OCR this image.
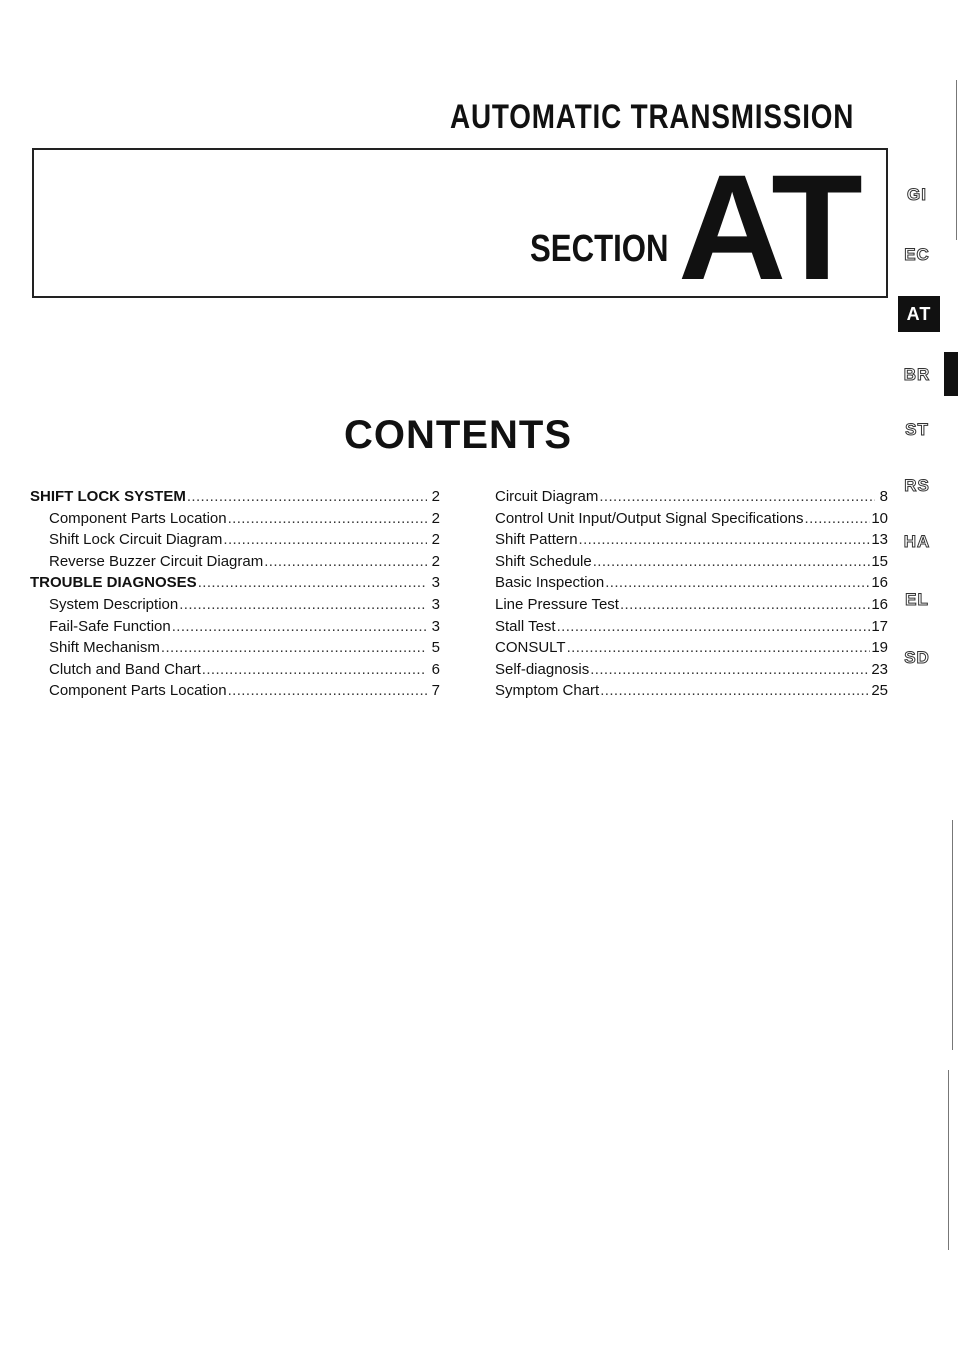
AUTOMATIC TRANSMISSION
SECTION AT
CONTENTS
SHIFT LOCK SYSTEM .....	2
Component Parts Location .....	2
Shift Lock Circuit Diagram .....	2
Reverse Buzzer Circuit Diagram .....	2
TROUBLE DIAGNOSES .....	3
System Description .....	3
Fail-Safe Function .....	3
Shift Mechanism .....	5
Clutch and Band Chart .....	6
Component Parts Location .....	7
Circuit Diagram .....	8
Control Unit Input/Output Signal Specifications .....	10
Shift Pattern .....	13
Shift Schedule .....	15
Basic Inspection .....	16
Line Pressure Test .....	16
Stall Test .....	17
CONSULT .....	19
Self-diagnosis .....	23
Symptom Chart .....	25
GI
EC
AT
BR
ST
RS
HA
EL
SD
